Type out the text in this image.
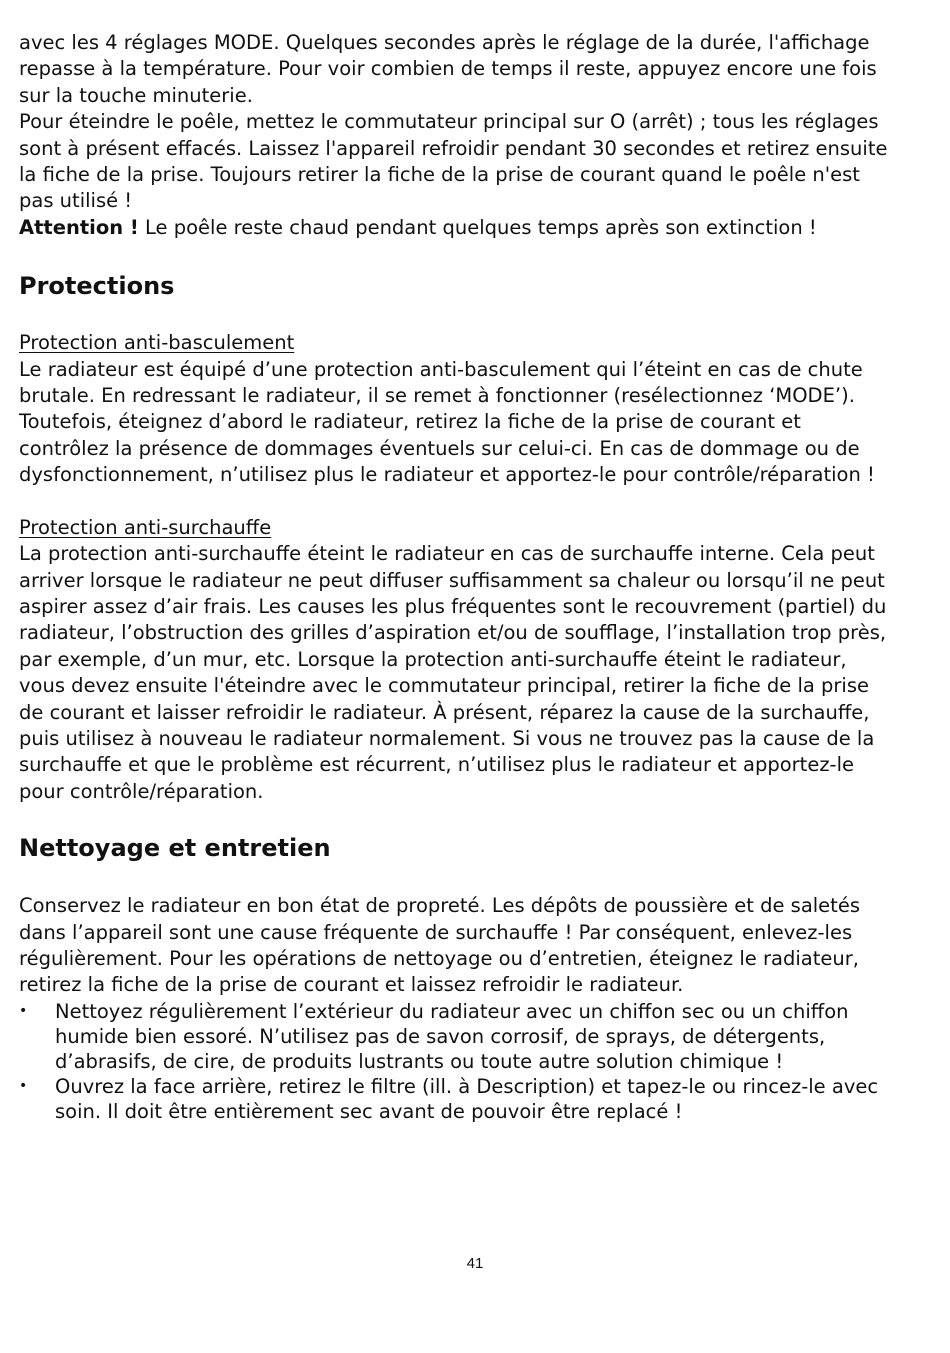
avec les 4 réglages MODE. Quelques secondes après le réglage de la durée, l'affichage repasse à la température. Pour voir combien de temps il reste, appuyez encore une fois sur la touche minuterie.

Pour éteindre le poêle, mettez le commutateur principal sur O (arrêt) ; tous les réglages sont à présent effacés. Laissez l'appareil refroidir pendant 30 secondes et retirez ensuite la fiche de la prise. Toujours retirer la fiche de la prise de courant quand le poêle n'est pas utilisé !

Attention ! Le poêle reste chaud pendant quelques temps après son extinction !

Protections

Protection anti-basculement

Le radiateur est équipé d’une protection anti-basculement qui l’éteint en cas de chute brutale. En redressant le radiateur, il se remet à fonctionner (resélectionnez ‘MODE’). Toutefois, éteignez d’abord le radiateur, retirez la fiche de la prise de courant et contrôlez la présence de dommages éventuels sur celui-ci. En cas de dommage ou de dysfonctionnement, n’utilisez plus le radiateur et apportez-le pour contrôle/réparation !

Protection anti-surchauffe

La protection anti-surchauffe éteint le radiateur en cas de surchauffe interne. Cela peut arriver lorsque le radiateur ne peut diffuser suffisamment sa chaleur ou lorsqu’il ne peut aspirer assez d’air frais. Les causes les plus fréquentes sont le recouvrement (partiel) du radiateur, l’obstruction des grilles d’aspiration et/ou de soufflage, l’installation trop près, par exemple, d’un mur, etc. Lorsque la protection anti-surchauffe éteint le radiateur, vous devez ensuite l'éteindre avec le commutateur principal, retirer la fiche de la prise de courant et laisser refroidir le radiateur. À présent, réparez la cause de la surchauffe, puis utilisez à nouveau le radiateur normalement. Si vous ne trouvez pas la cause de la surchauffe et que le problème est récurrent, n’utilisez plus le radiateur et apportez-le pour contrôle/réparation.

Nettoyage et entretien

Conservez le radiateur en bon état de propreté. Les dépôts de poussière et de saletés dans l’appareil sont une cause fréquente de surchauffe ! Par conséquent, enlevez-les régulièrement. Pour les opérations de nettoyage ou d’entretien, éteignez le radiateur, retirez la fiche de la prise de courant et laissez refroidir le radiateur.

• Nettoyez régulièrement l’extérieur du radiateur avec un chiffon sec ou un chiffon humide bien essoré. N’utilisez pas de savon corrosif, de sprays, de détergents, d’abrasifs, de cire, de produits lustrants ou toute autre solution chimique !
• Ouvrez la face arrière, retirez le filtre (ill. à Description) et tapez-le ou rincez-le avec soin. Il doit être entièrement sec avant de pouvoir être replacé !
41
